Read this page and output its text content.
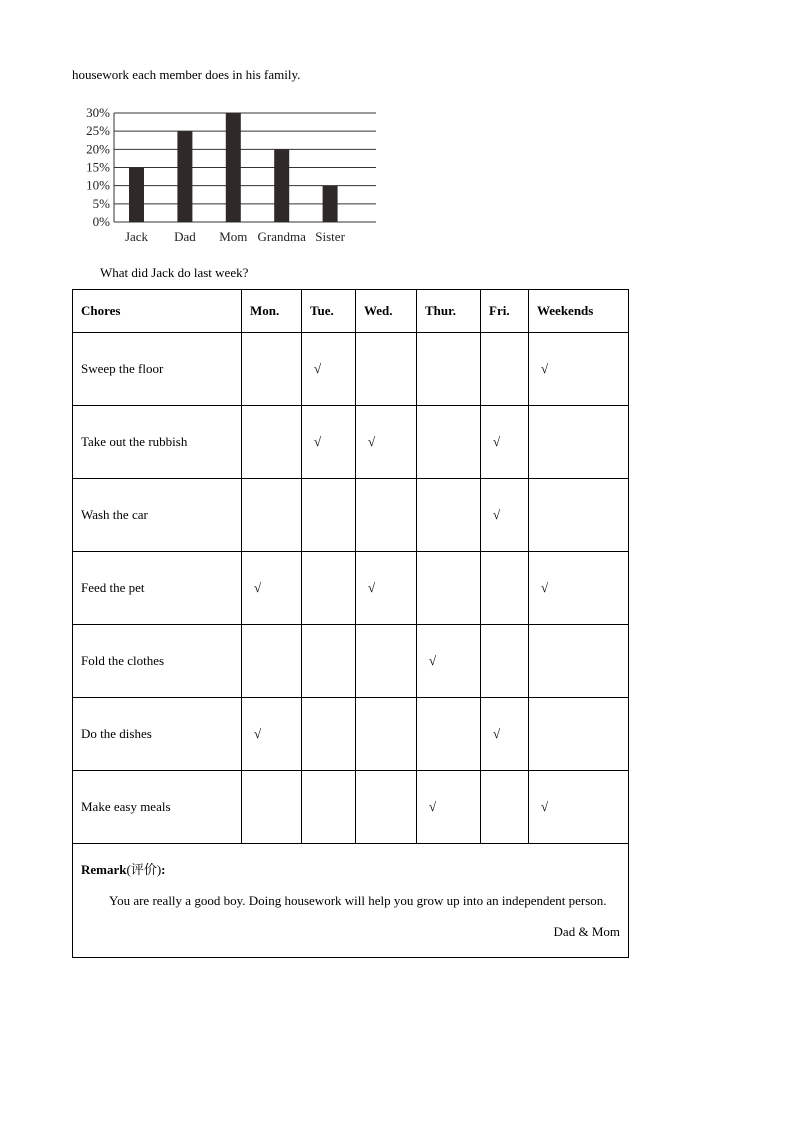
housework each member does in his family.
0%
5%
10%
15%
20%
25%
30%
Jack Dad Mom Grandma Sister
What did Jack do last week?
Chores	Mon.	Tue.	Wed.	Thur.	Fri.	Weekends
Sweep the floor		√				√
Take out the rubbish		√	√		√	
Wash the car					√	
Feed the pet	√		√			√
Fold the clothes				√		
Do the dishes	√				√	
Make easy meals				√		√

Remark(评价):
You are really a good boy. Doing housework will help you grow up into an independent person.
Dad & Mom						
